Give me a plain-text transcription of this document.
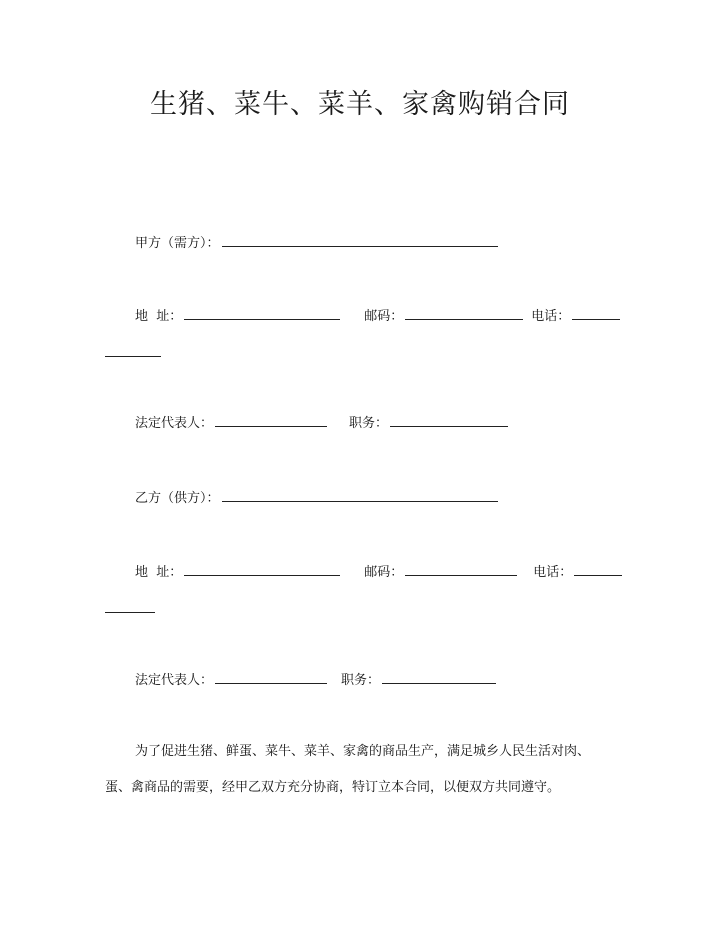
生猪、菜牛、菜羊、家禽购销合同
甲方（需方）：
地  址：	邮码：	电话：
法定代表人：	职务：
乙方（供方）：
地  址：	邮码：	电话：
法定代表人：	职务：
为了促进生猪、鲜蛋、菜牛、菜羊、家禽的商品生产，满足城乡人民生活对肉、
蛋、禽商品的需要，经甲乙双方充分协商，特订立本合同，以便双方共同遵守。
